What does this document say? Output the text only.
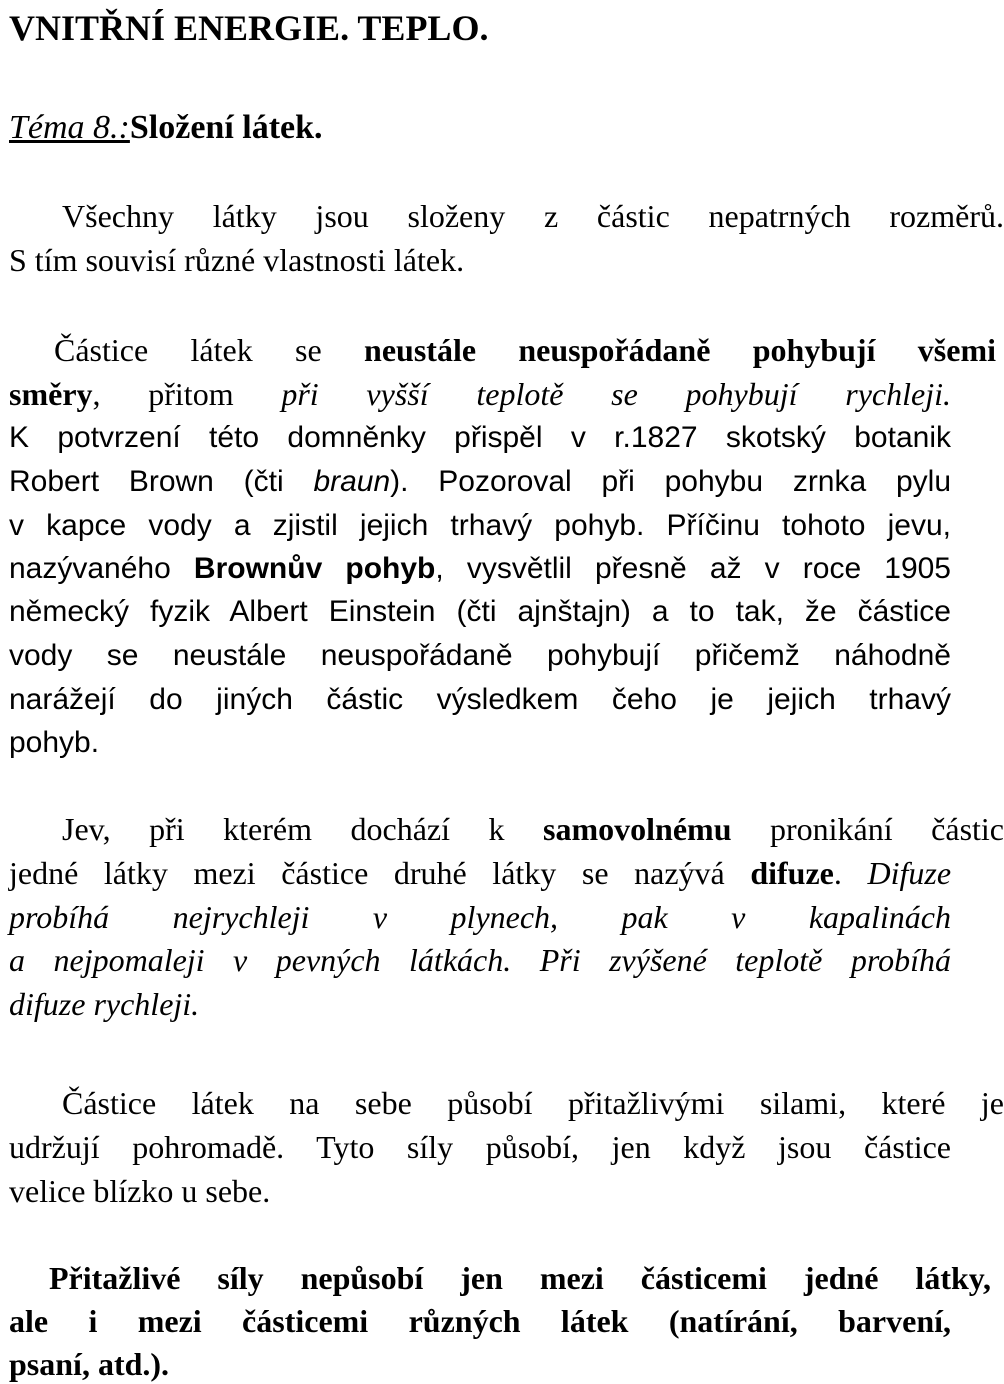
VNITŘNÍ ENERGIE. TEPLO.
Téma 8.:Složení látek.
Všechny látky jsou složeny z částic nepatrných rozměrů.
S tím souvisí různé vlastnosti látek.
Částice látek se neustále neuspořádaně pohybují všemi
směry, přitom při vyšší teplotě se pohybují rychleji.
K potvrzení této domněnky přispěl v r.1827 skotský botanik
Robert Brown (čti braun). Pozoroval při pohybu zrnka pylu
v kapce vody a zjistil jejich trhavý pohyb. Příčinu tohoto jevu,
nazývaného Brownův pohyb, vysvětlil přesně až v roce 1905
německý fyzik Albert Einstein (čti ajnštajn) a to tak, že částice
vody se neustále neuspořádaně pohybují přičemž náhodně
narážejí do jiných částic výsledkem čeho je jejich trhavý
pohyb.
Jev, při kterém dochází k samovolnému pronikání částic
jedné látky mezi částice druhé látky se nazývá difuze. Difuze
probíhá nejrychleji v plynech, pak v kapalinách
a nejpomaleji v pevných látkách. Při zvýšené teplotě probíhá
difuze rychleji.
Částice látek na sebe působí přitažlivými silami, které je
udržují pohromadě. Tyto síly působí, jen když jsou částice
velice blízko u sebe.
Přitažlivé síly nepůsobí jen mezi částicemi jedné látky,
ale i mezi částicemi různých látek (natírání, barvení,
psaní, atd.).
